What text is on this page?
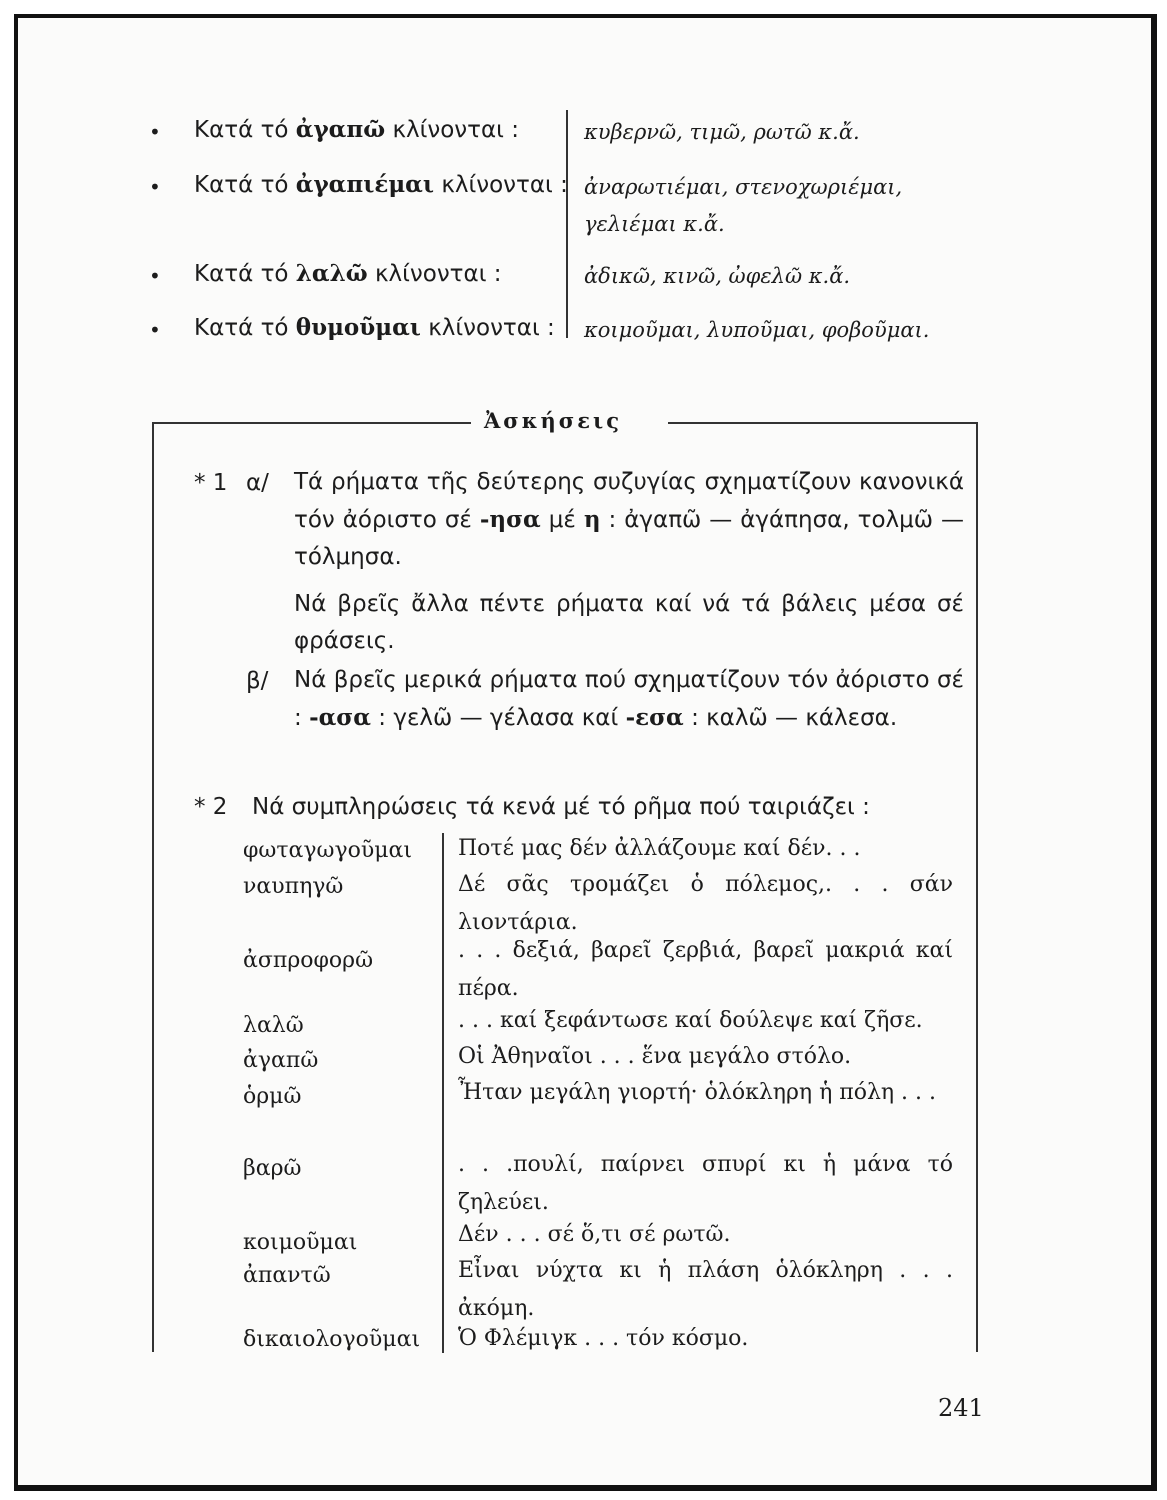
• Κατά τό ἀγαπῶ κλίνονται :	κυβερνῶ, τιμῶ, ρωτῶ κ.ἄ.
• Κατά τό ἀγαπιέμαι κλίνονται : ἀναρωτιέμαι, στενοχωριέμαι, γελιέμαι κ.ἄ.
• Κατά τό λαλῶ κλίνονται :	ἀδικῶ, κινῶ, ὠφελῶ κ.ἄ.
• Κατά τό θυμοῦμαι κλίνονται : κοιμοῦμαι, λυποῦμαι, φοβοῦμαι.
Ἀσκήσεις
* 1 α/ Τά ρήματα τῆς δεύτερης συζυγίας σχηματίζουν κανονικά τόν ἀόριστο σέ -ησα μέ η : ἀγαπῶ — ἀγάπησα, τολμῶ — τόλμησα.
Νά βρεῖς ἄλλα πέντε ρήματα καί νά τά βάλεις μέσα σέ φράσεις.
β/ Νά βρεῖς μερικά ρήματα πού σχηματίζουν τόν ἀόριστο σέ : -ασα : γελῶ — γέλασα καί -εσα : καλῶ — κάλεσα.
* 2 Νά συμπληρώσεις τά κενά μέ τό ρῆμα πού ταιριάζει :
φωταγωγοῦμαι
ναυπηγῶ
ἀσπροφορῶ
λαλῶ
ἀγαπῶ
ὁρμῶ
βαρῶ
κοιμοῦμαι
ἀπαντῶ
δικαιολογοῦμαι
Ποτέ μας δέν ἀλλάζουμε καί δέν. . .
Δέ σᾶς τρομάζει ὁ πόλεμος,. . . σάν λιοντάρια.
. . . δεξιά, βαρεῖ ζερβιά, βαρεῖ μακριά καί πέρα.
. . . καί ξεφάντωσε καί δούλεψε καί ζῆσε.
Οἱ Ἀθηναῖοι . . . ἕνα μεγάλο στόλο.
Ἦταν μεγάλη γιορτή· ὁλόκληρη ἡ πόλη . . .
. . .πουλί, παίρνει σπυρί κι ἡ μάνα τό ζηλεύει.
Δέν . . . σέ ὅ,τι σέ ρωτῶ.
Εἶναι νύχτα κι ἡ πλάση ὁλόκληρη . . . ἀκόμη.
Ὁ Φλέμιγκ . . . τόν κόσμο.
241
